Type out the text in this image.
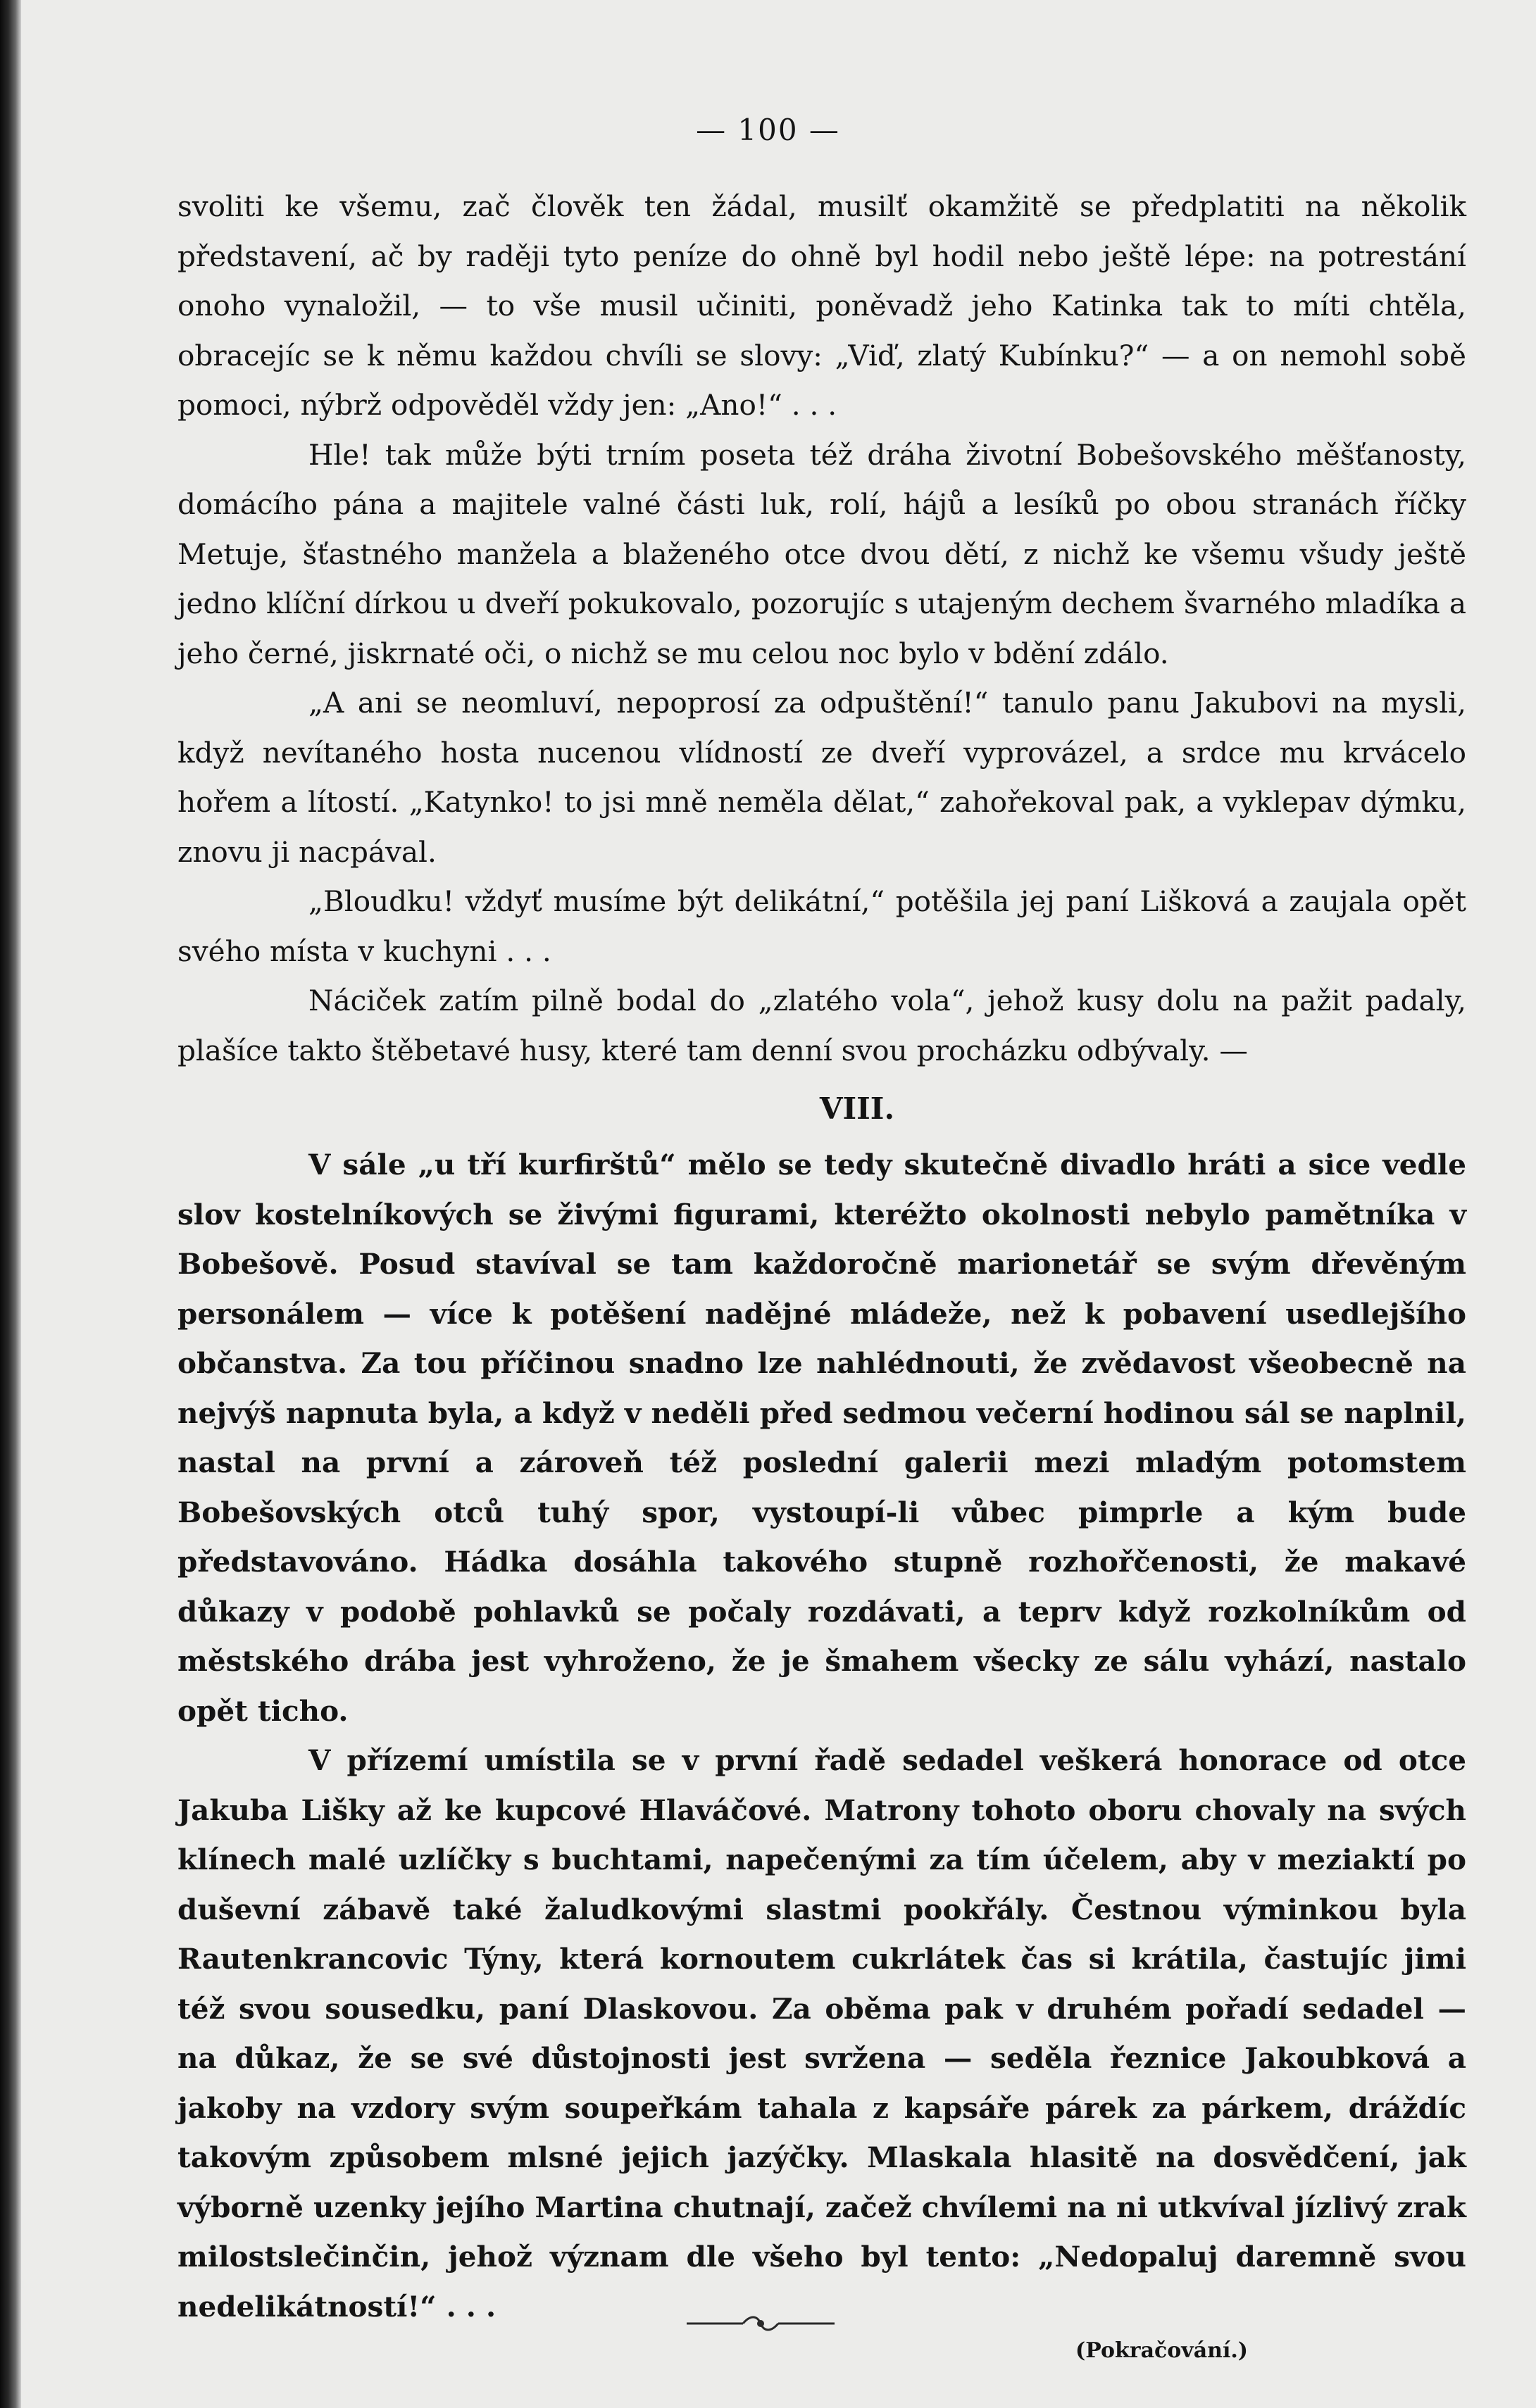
— 100 —

svoliti ke všemu, zač člověk ten žádal, musilť okamžitě se předplatiti na několik představení, ač by raději tyto peníze do ohně byl hodil nebo ještě lépe: na potrestání onoho vynaložil, — to vše musil učiniti, poněvadž jeho Katinka tak to míti chtěla, obracejíc se k němu každou chvíli se slovy: „Viď, zlatý Kubínku?“ — a on nemohl sobě pomoci, nýbrž odpověděl vždy jen: „Ano!“ . . .

Hle! tak může býti trním poseta též dráha životní Bobešovského měšťanosty, domácího pána a majitele valné části luk, rolí, hájů a lesíků po obou stranách říčky Metuje, šťastného manžela a blaženého otce dvou dětí, z nichž ke všemu všudy ještě jedno klíční dírkou u dveří pokukovalo, pozorujíc s utajeným dechem švarného mladíka a jeho černé, jiskrnaté oči, o nichž se mu celou noc bylo v bdění zdálo.

„A ani se neomluví, nepoprosí za odpuštění!“ tanulo panu Jakubovi na mysli, když nevítaného hosta nucenou vlídností ze dveří vyprovázel, a srdce mu krvácelo hořem a lítostí. „Katynko! to jsi mně neměla dělat,“ zahořekoval pak, a vyklepav dýmku, znovu ji nacpával.

„Bloudku! vždyť musíme být delikátní,“ potěšila jej paní Lišková a zaujala opět svého místa v kuchyni . . .

Náciček zatím pilně bodal do „zlatého vola“, jehož kusy dolu na pažit padaly, plašíce takto štěbetavé husy, které tam denní svou procházku odbývaly. —

VIII.

V sále „u tří kurfirštů“ mělo se tedy skutečně divadlo hráti a sice vedle slov kostelníkových se živými figurami, kteréžto okolnosti nebylo pamětníka v Bobešově. Posud stavíval se tam každoročně marionetář se svým dřevěným personálem — více k potěšení nadějné mládeže, než k pobavení usedlejšího občanstva. Za tou příčinou snadno lze nahlédnouti, že zvědavost všeobecně na nejvýš napnuta byla, a když v neděli před sedmou večerní hodinou sál se naplnil, nastal na první a zároveň též poslední galerii mezi mladým potomstem Bobešovských otců tuhý spor, vystoupí-li vůbec pimprle a kým bude představováno. Hádka dosáhla takového stupně rozhořčenosti, že makavé důkazy v podobě pohlavků se počaly rozdávati, a teprv když rozkolníkům od městského drába jest vyhroženo, že je šmahem všecky ze sálu vyhází, nastalo opět ticho.

V přízemí umístila se v první řadě sedadel veškerá honorace od otce Jakuba Lišky až ke kupcové Hlaváčové. Matrony tohoto oboru chovaly na svých klínech malé uzlíčky s buchtami, napečenými za tím účelem, aby v meziaktí po duševní zábavě také žaludkovými slastmi pookřály. Čestnou výminkou byla Rautenkrancovic Týny, která kornoutem cukrlátek čas si krátila, častujíc jimi též svou sousedku, paní Dlaskovou. Za oběma pak v druhém pořadí sedadel — na důkaz, že se své důstojnosti jest svržena — seděla řeznice Jakoubková a jakoby na vzdory svým soupeřkám tahala z kapsáře párek za párkem, dráždíc takovým způsobem mlsné jejich jazýčky. Mlaskala hlasitě na dosvědčení, jak výborně uzenky jejího Martina chutnají, začež chvílemi na ni utkvíval jízlivý zrak milostslečinčin, jehož význam dle všeho byl tento: „Nedopaluj daremně svou nedelikátností!“ . . .

(Pokračování.)
